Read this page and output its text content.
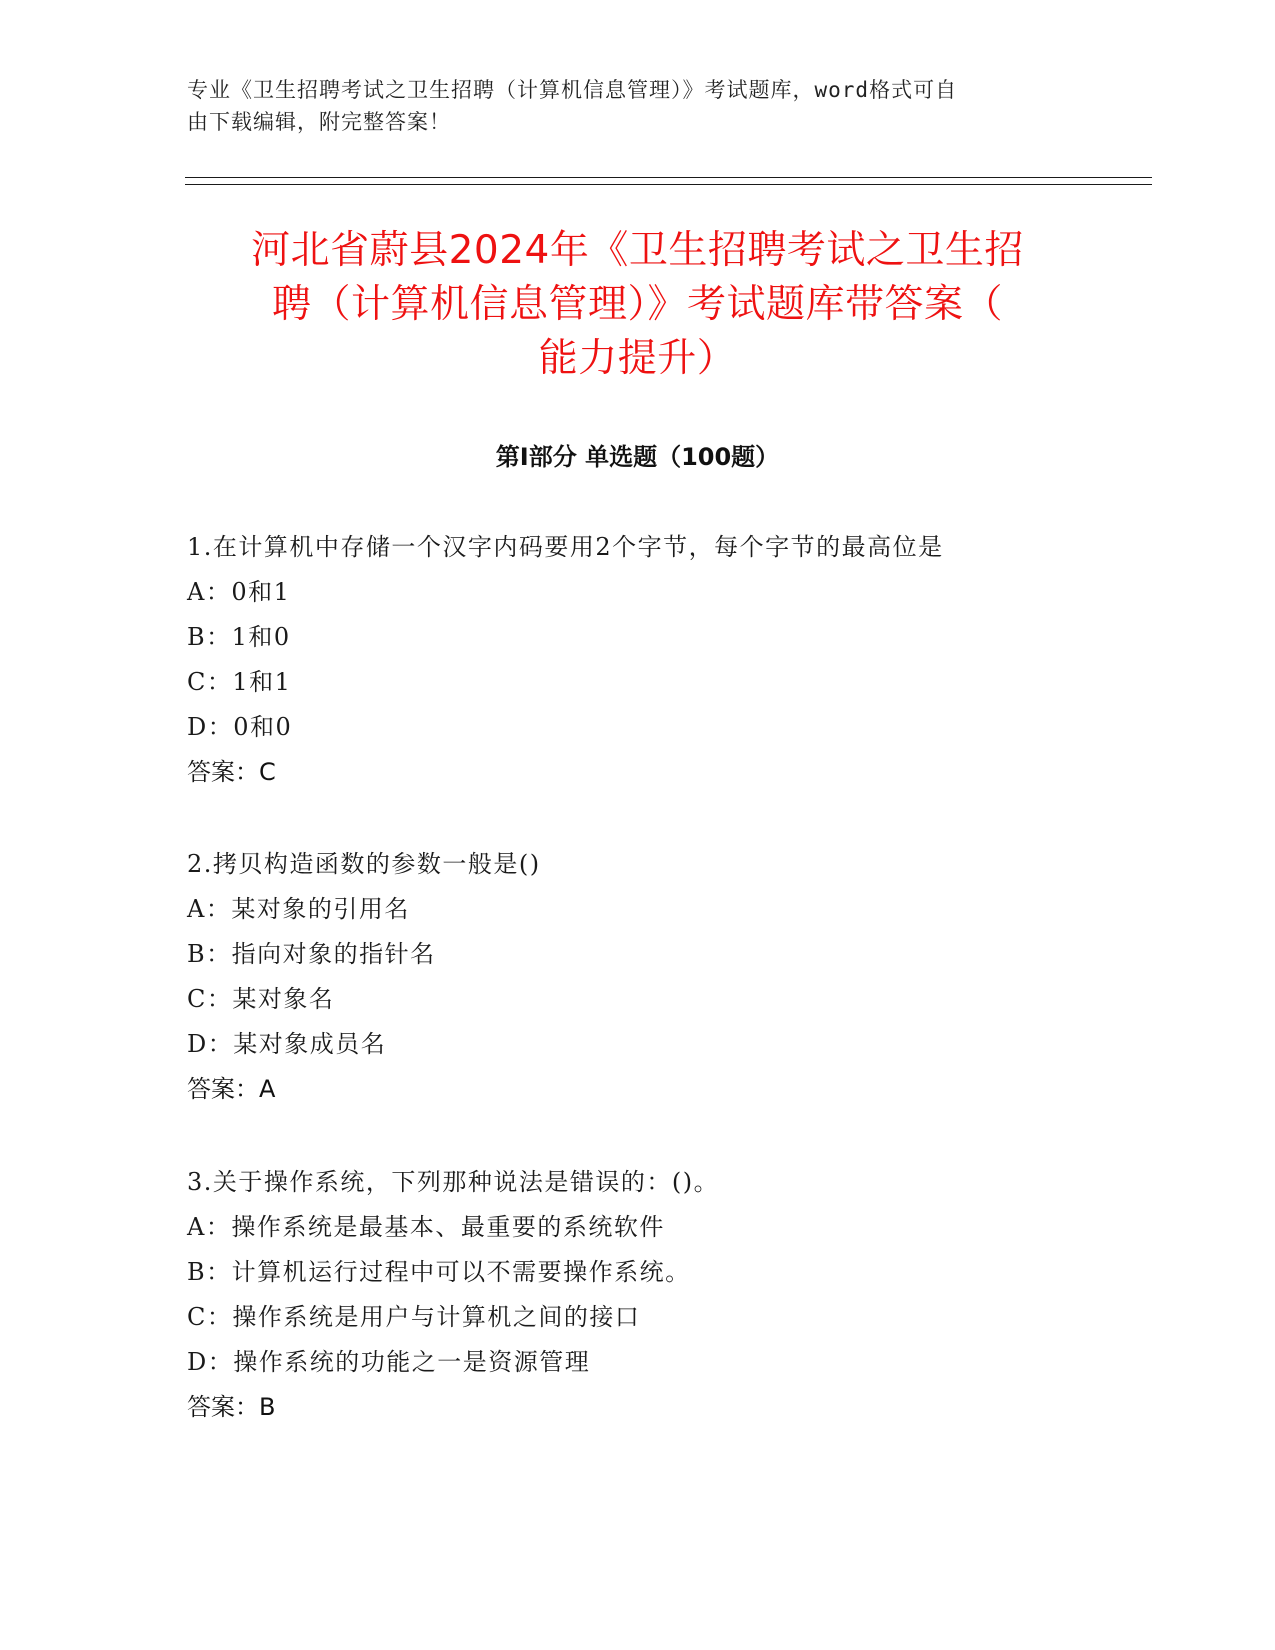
专业《卫生招聘考试之卫生招聘（计算机信息管理）》考试题库，word格式可自
由下载编辑，附完整答案！
河北省蔚县2024年《卫生招聘考试之卫生招
聘（计算机信息管理）》考试题库带答案（
能力提升）
第Ⅰ部分 单选题（100题）
1.在计算机中存储一个汉字内码要用2个字节，每个字节的最高位是
A：0和1
B：1和0
C：1和1
D：0和0
答案：C
2.拷贝构造函数的参数一般是()
A：某对象的引用名
B：指向对象的指针名
C：某对象名
D：某对象成员名
答案：A
3.关于操作系统，下列那种说法是错误的：()。
A：操作系统是最基本、最重要的系统软件
B：计算机运行过程中可以不需要操作系统。
C：操作系统是用户与计算机之间的接口
D：操作系统的功能之一是资源管理
答案：B
